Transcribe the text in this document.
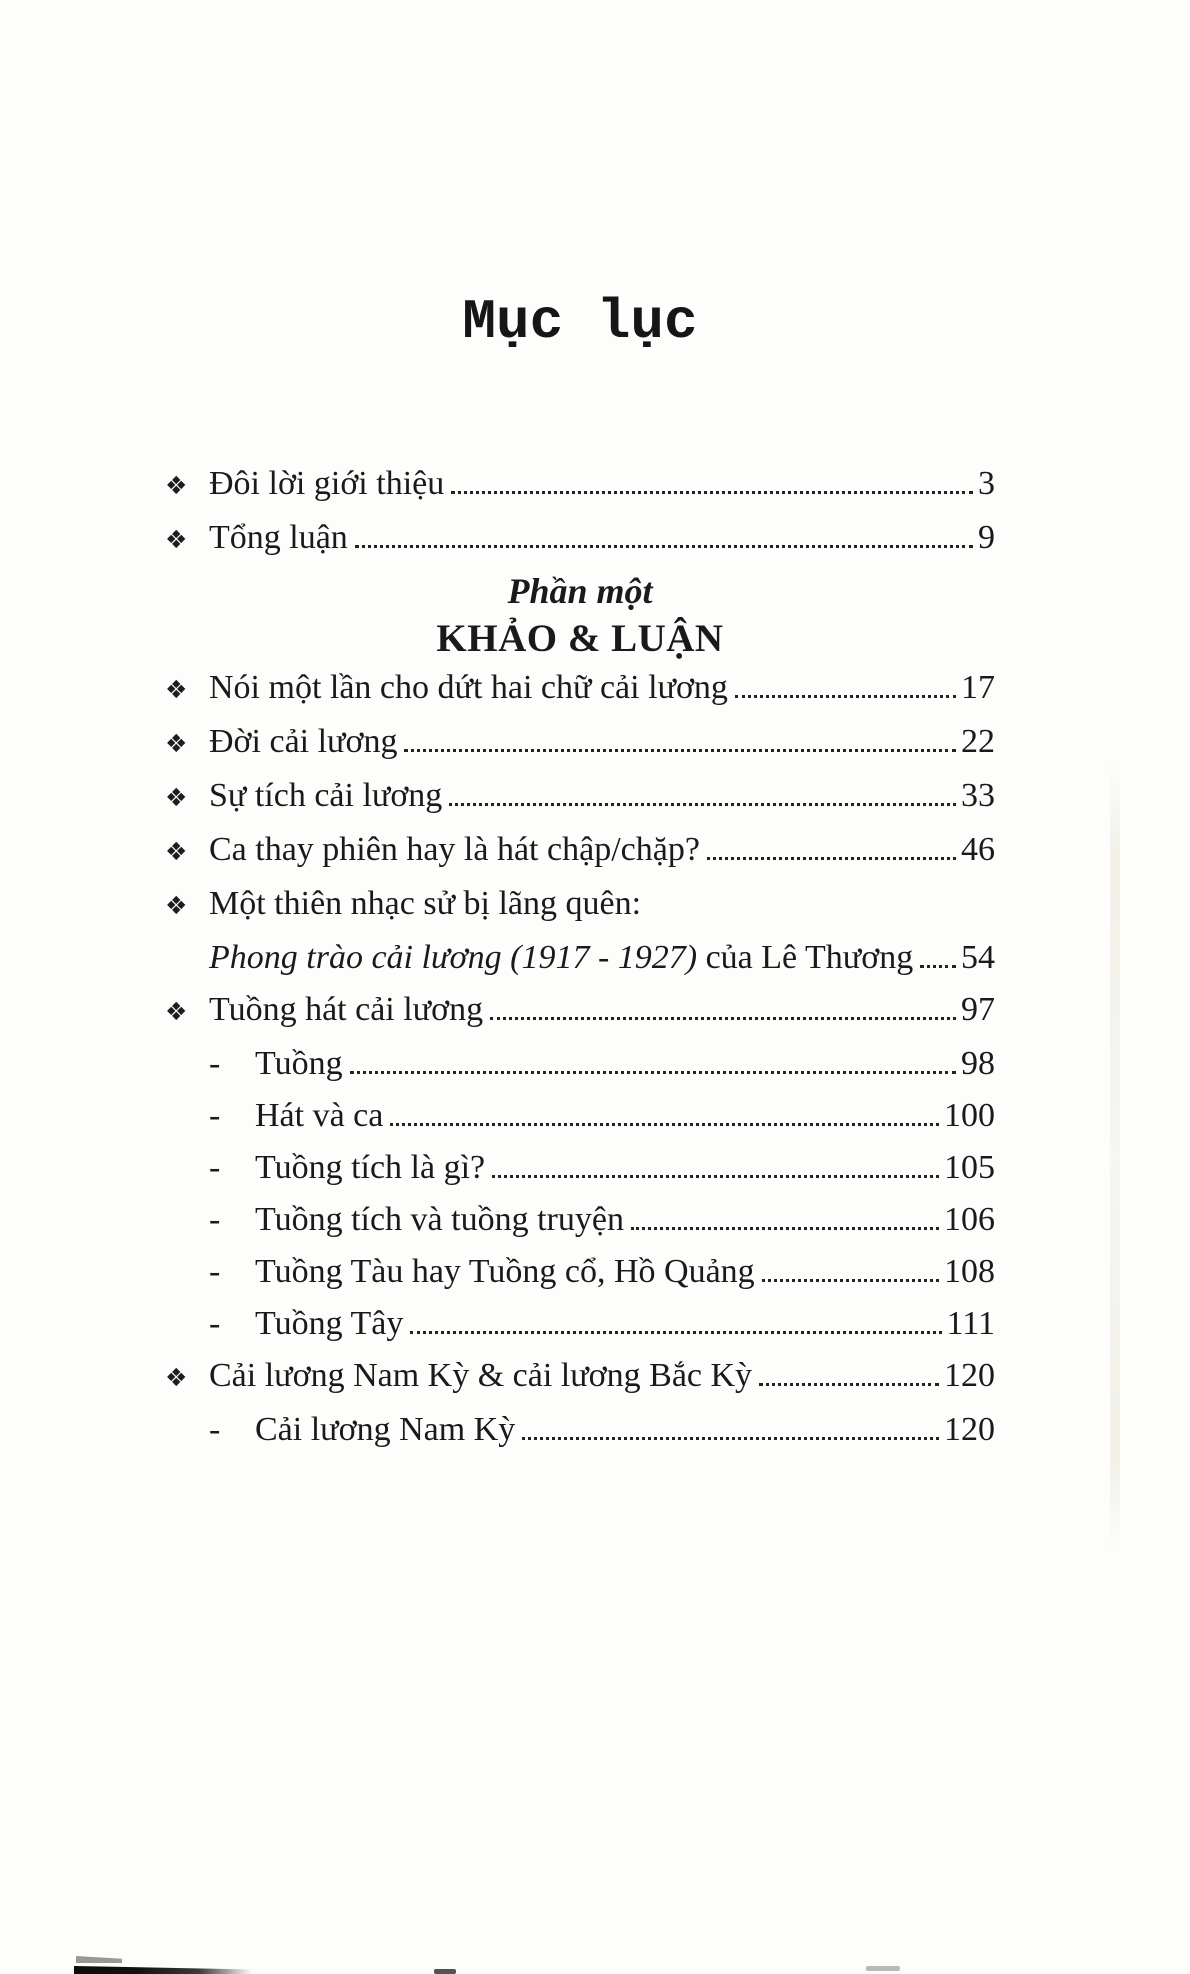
Mục lục
❖ Đôi lời giới thiệu	3
❖ Tổng luận	9
Phần một
KHẢO & LUẬN
❖ Nói một lần cho dứt hai chữ cải lương	17
❖ Đời cải lương	22
❖ Sự tích cải lương	33
❖ Ca thay phiên hay là hát chập/chặp?	46
❖ Một thiên nhạc sử bị lãng quên:
Phong trào cải lương (1917 - 1927) của Lê Thương 54
❖ Tuồng hát cải lương	97
-	Tuồng	98
-	Hát và ca	100
-	Tuồng tích là gì?	105
-	Tuồng tích và tuồng truyện	106
-	Tuồng Tàu hay Tuồng cổ, Hồ Quảng	108
-	Tuồng Tây	111
❖ Cải lương Nam Kỳ & cải lương Bắc Kỳ	120
-	Cải lương Nam Kỳ	120
